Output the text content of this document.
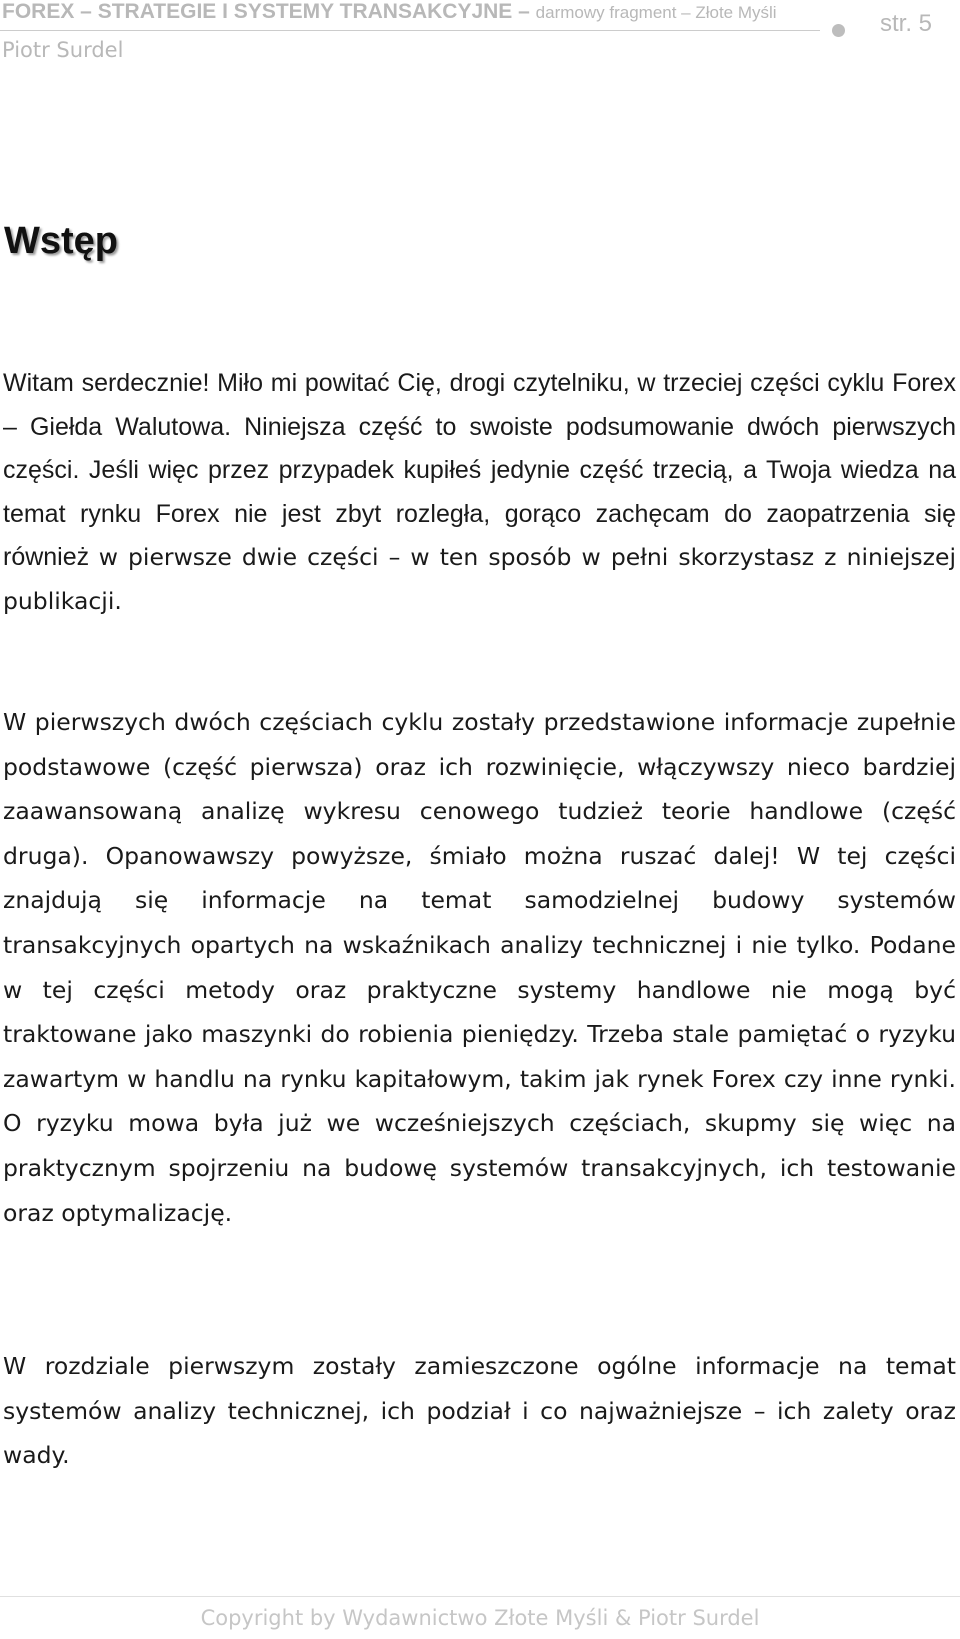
FOREX – STRATEGIE I SYSTEMY TRANSAKCYJNE – darmowy fragment – Złote Myśli
Piotr Surdel
str. 5
Wstęp

Witam serdecznie! Miło mi powitać Cię, drogi czytelniku, w trzeciej części cyklu Forex – Giełda Walutowa. Niniejsza część to swoiste podsumowanie dwóch pierwszych części. Jeśli więc przez przypadek kupiłeś jedynie część trzecią, a Twoja wiedza na temat rynku Forex nie jest zbyt rozległa, gorąco zachęcam do zaopatrzenia się również w pierwsze dwie części – w ten sposób w pełni skorzystasz z niniejszej publikacji.

W pierwszych dwóch częściach cyklu zostały przedstawione informacje zupełnie podstawowe (część pierwsza) oraz ich rozwinięcie, włączywszy nieco bardziej zaawansowaną analizę wykresu cenowego tudzież teorie handlowe (część druga). Opanowawszy powyższe, śmiało można ruszać dalej! W tej części znajdują się informacje na temat samodzielnej budowy systemów transakcyjnych opartych na wskaźnikach analizy technicznej i nie tylko. Podane w tej części metody oraz praktyczne systemy handlowe nie mogą być traktowane jako maszynki do robienia pieniędzy. Trzeba stale pamiętać o ryzyku zawartym w handlu na rynku kapitałowym, takim jak rynek Forex czy inne rynki. O ryzyku mowa była już we wcześniejszych częściach, skupmy się więc na praktycznym spojrzeniu na budowę systemów transakcyjnych, ich testowanie oraz optymalizację.

W rozdziale pierwszym zostały zamieszczone ogólne informacje na temat systemów analizy technicznej, ich podział i co najważniejsze – ich zalety oraz wady.

Copyright by Wydawnictwo Złote Myśli & Piotr Surdel
